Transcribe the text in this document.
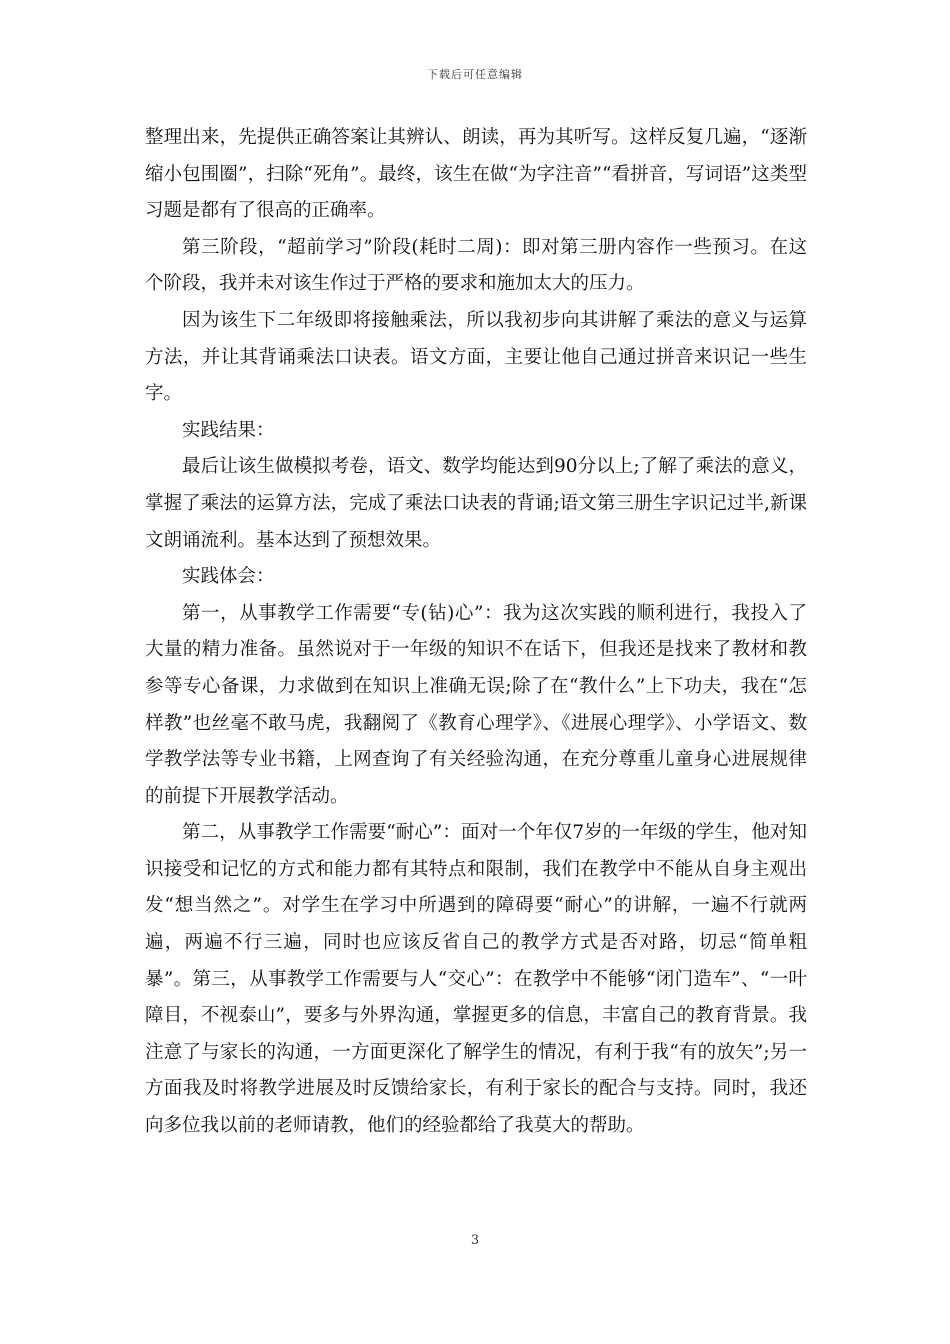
下载后可任意编辑

整理出来，先提供正确答案让其辨认、朗读，再为其听写。这样反复几遍，“逐渐缩小包围圈”，扫除“死角”。最终，该生在做“为字注音”“看拼音，写词语”这类型习题是都有了很高的正确率。

第三阶段，“超前学习”阶段(耗时二周)：即对第三册内容作一些预习。在这个阶段，我并未对该生作过于严格的要求和施加太大的压力。

因为该生下二年级即将接触乘法，所以我初步向其讲解了乘法的意义与运算方法，并让其背诵乘法口诀表。语文方面，主要让他自己通过拼音来识记一些生字。

实践结果：

最后让该生做模拟考卷，语文、数学均能达到90分以上;了解了乘法的意义，掌握了乘法的运算方法，完成了乘法口诀表的背诵;语文第三册生字识记过半,新课文朗诵流利。基本达到了预想效果。

实践体会：

第一，从事教学工作需要“专(钻)心”：我为这次实践的顺利进行，我投入了大量的精力准备。虽然说对于一年级的知识不在话下，但我还是找来了教材和教参等专心备课，力求做到在知识上准确无误;除了在“教什么”上下功夫，我在“怎样教”也丝毫不敢马虎，我翻阅了《教育心理学》、《进展心理学》、小学语文、数学教学法等专业书籍，上网查询了有关经验沟通，在充分尊重儿童身心进展规律的前提下开展教学活动。

第二，从事教学工作需要“耐心”：面对一个年仅7岁的一年级的学生，他对知识接受和记忆的方式和能力都有其特点和限制，我们在教学中不能从自身主观出发“想当然之”。对学生在学习中所遇到的障碍要“耐心”的讲解，一遍不行就两遍，两遍不行三遍，同时也应该反省自己的教学方式是否对路，切忌“简单粗暴”。第三，从事教学工作需要与人“交心”：在教学中不能够“闭门造车”、“一叶障目，不视泰山”，要多与外界沟通，掌握更多的信息，丰富自己的教育背景。我注意了与家长的沟通，一方面更深化了解学生的情况，有利于我“有的放矢”;另一方面我及时将教学进展及时反馈给家长，有利于家长的配合与支持。同时，我还向多位我以前的老师请教，他们的经验都给了我莫大的帮助。

3
